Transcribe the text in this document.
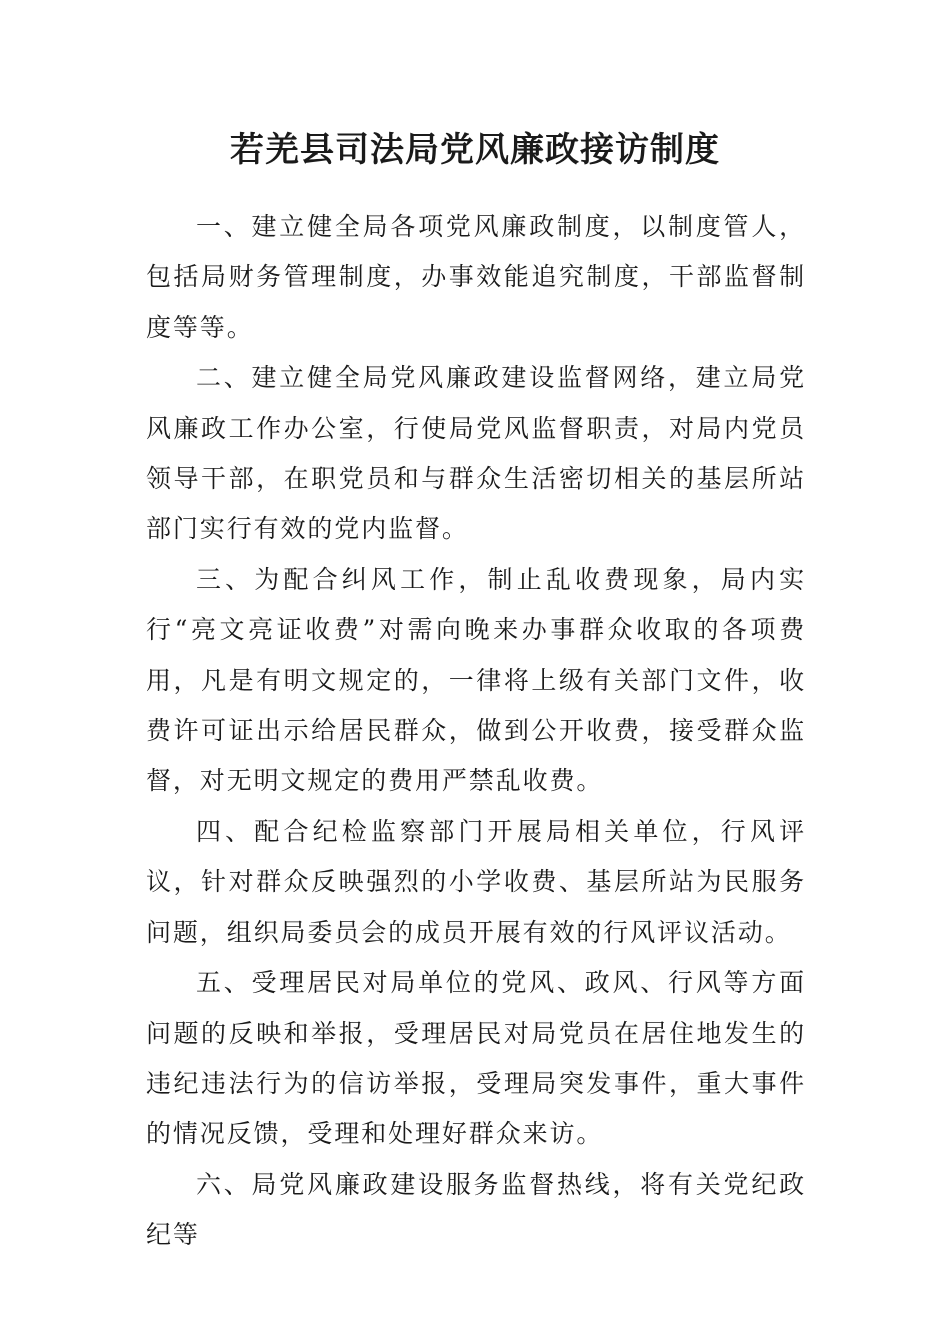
若羌县司法局党风廉政接访制度

一、建立健全局各项党风廉政制度，以制度管人，包括局财务管理制度，办事效能追究制度，干部监督制度等等。

二、建立健全局党风廉政建设监督网络，建立局党风廉政工作办公室，行使局党风监督职责，对局内党员领导干部，在职党员和与群众生活密切相关的基层所站部门实行有效的党内监督。

三、为配合纠风工作，制止乱收费现象，局内实行“亮文亮证收费”对需向晚来办事群众收取的各项费用，凡是有明文规定的，一律将上级有关部门文件，收费许可证出示给居民群众，做到公开收费，接受群众监督，对无明文规定的费用严禁乱收费。

四、配合纪检监察部门开展局相关单位，行风评议，针对群众反映强烈的小学收费、基层所站为民服务问题，组织局委员会的成员开展有效的行风评议活动。

五、受理居民对局单位的党风、政风、行风等方面问题的反映和举报，受理居民对局党员在居住地发生的违纪违法行为的信访举报，受理局突发事件，重大事件的情况反馈，受理和处理好群众来访。

六、局党风廉政建设服务监督热线，将有关党纪政纪等
